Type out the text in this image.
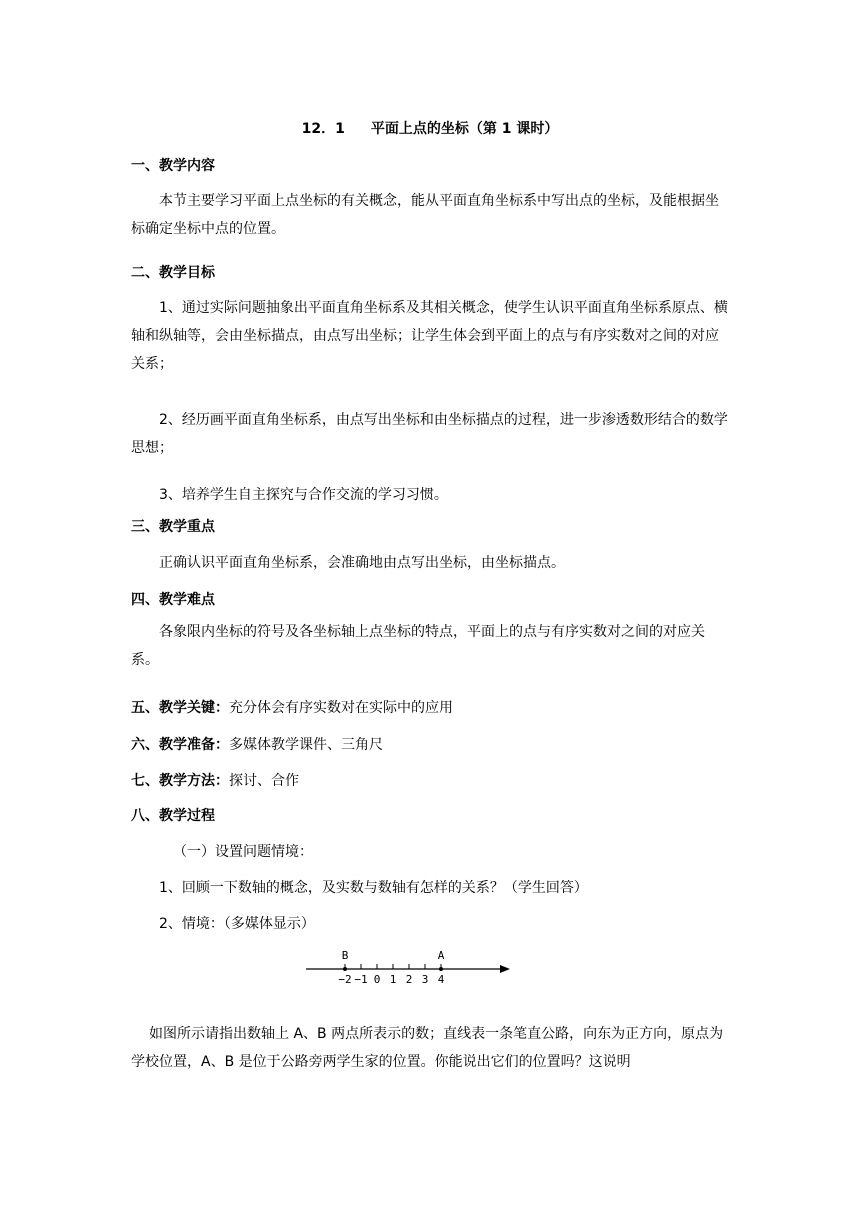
12．1 平面上点的坐标（第 1 课时）
一、教学内容
本节主要学习平面上点坐标的有关概念，能从平面直角坐标系中写出点的坐标，及能根据坐标确定坐标中点的位置。
二、教学目标
1、通过实际问题抽象出平面直角坐标系及其相关概念，使学生认识平面直角坐标系原点、横轴和纵轴等，会由坐标描点，由点写出坐标；让学生体会到平面上的点与有序实数对之间的对应关系；
2、经历画平面直角坐标系，由点写出坐标和由坐标描点的过程，进一步渗透数形结合的数学思想；
3、培养学生自主探究与合作交流的学习习惯。
三、教学重点
正确认识平面直角坐标系，会准确地由点写出坐标，由坐标描点。
四、教学难点
各象限内坐标的符号及各坐标轴上点坐标的特点，平面上的点与有序实数对之间的对应关系。
五、教学关键：充分体会有序实数对在实际中的应用
六、教学准备：多媒体教学课件、三角尺
七、教学方法：探讨、合作
八、教学过程
（一）设置问题情境：
1、回顾一下数轴的概念，及实数与数轴有怎样的关系？（学生回答）
2、情境：（多媒体显示）
−2 −1 0 1 2 3 4
B	A
如图所示请指出数轴上 A、B 两点所表示的数；直线表一条笔直公路，向东为正方向，原点为学校位置，A、B 是位于公路旁两学生家的位置。你能说出它们的位置吗？这说明
